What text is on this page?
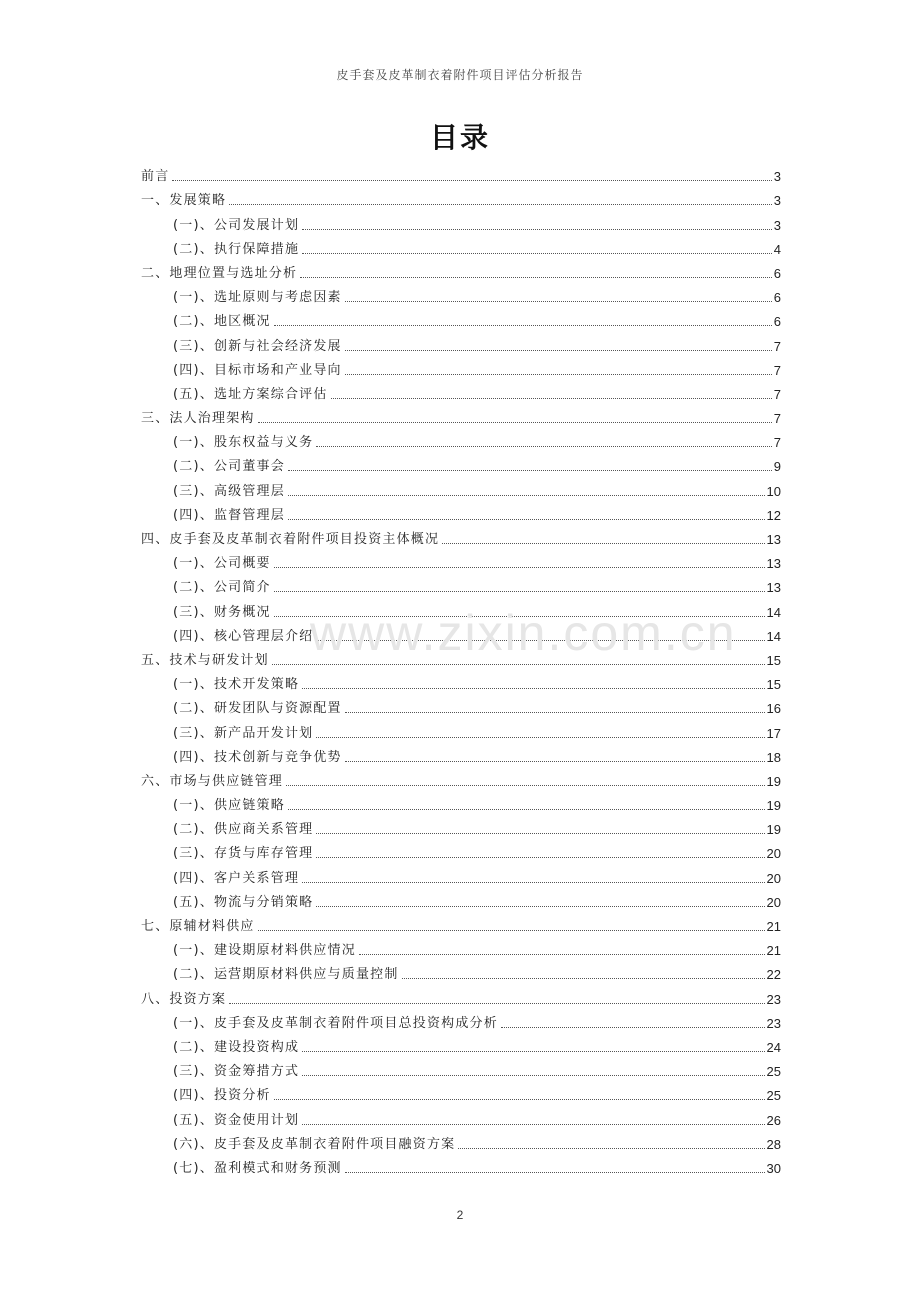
皮手套及皮革制衣着附件项目评估分析报告
目录
前言	3
一、发展策略	3
(一)、公司发展计划	3
(二)、执行保障措施	4
二、地理位置与选址分析	6
(一)、选址原则与考虑因素	6
(二)、地区概况	6
(三)、创新与社会经济发展	7
(四)、目标市场和产业导向	7
(五)、选址方案综合评估	7
三、法人治理架构	7
(一)、股东权益与义务	7
(二)、公司董事会	9
(三)、高级管理层	10
(四)、监督管理层	12
四、皮手套及皮革制衣着附件项目投资主体概况	13
(一)、公司概要	13
(二)、公司简介	13
(三)、财务概况	14
(四)、核心管理层介绍	14
五、技术与研发计划	15
(一)、技术开发策略	15
(二)、研发团队与资源配置	16
(三)、新产品开发计划	17
(四)、技术创新与竞争优势	18
六、市场与供应链管理	19
(一)、供应链策略	19
(二)、供应商关系管理	19
(三)、存货与库存管理	20
(四)、客户关系管理	20
(五)、物流与分销策略	20
七、原辅材料供应	21
(一)、建设期原材料供应情况	21
(二)、运营期原材料供应与质量控制	22
八、投资方案	23
(一)、皮手套及皮革制衣着附件项目总投资构成分析	23
(二)、建设投资构成	24
(三)、资金筹措方式	25
(四)、投资分析	25
(五)、资金使用计划	26
(六)、皮手套及皮革制衣着附件项目融资方案	28
(七)、盈利模式和财务预测	30
www.zixin.com.cn
2
